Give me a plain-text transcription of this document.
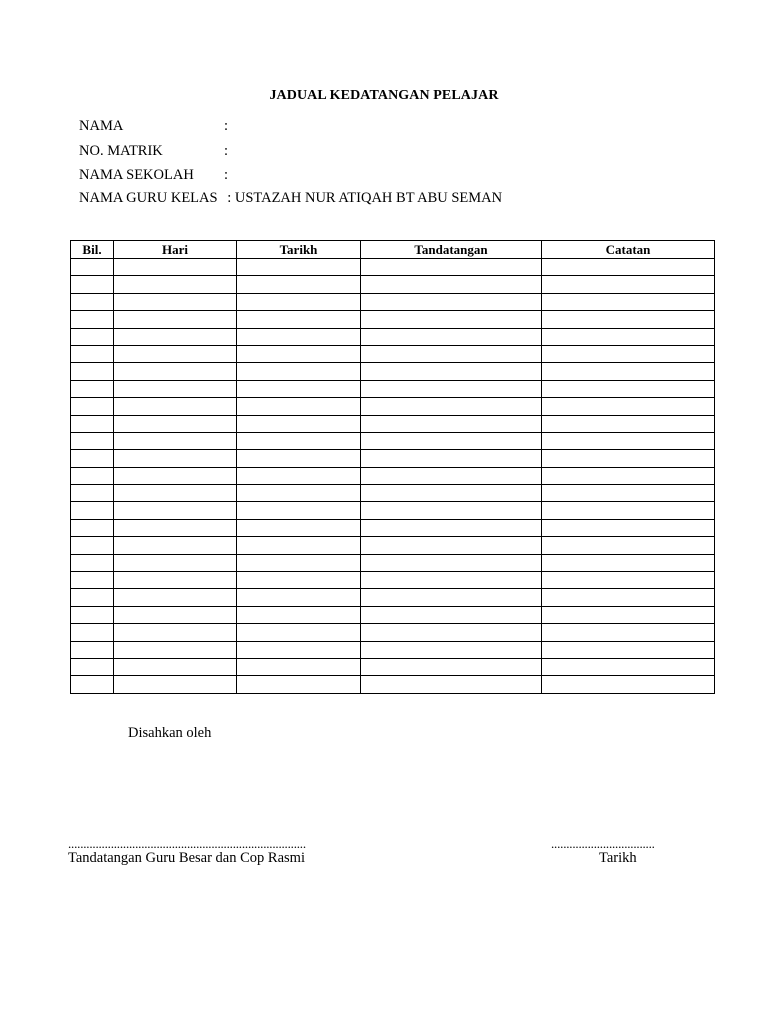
JADUAL KEDATANGAN PELAJAR
NAMA	:
NO. MATRIK	:
NAMA SEKOLAH :
NAMA GURU KELAS : USTAZAH NUR ATIQAH BT ABU SEMAN
Bil.	Hari	Tarikh	Tandatangan	Catatan

Disahkan oleh
..............................................................................	..................................
Tandatangan Guru Besar dan Cop Rasmi	Tarikh
